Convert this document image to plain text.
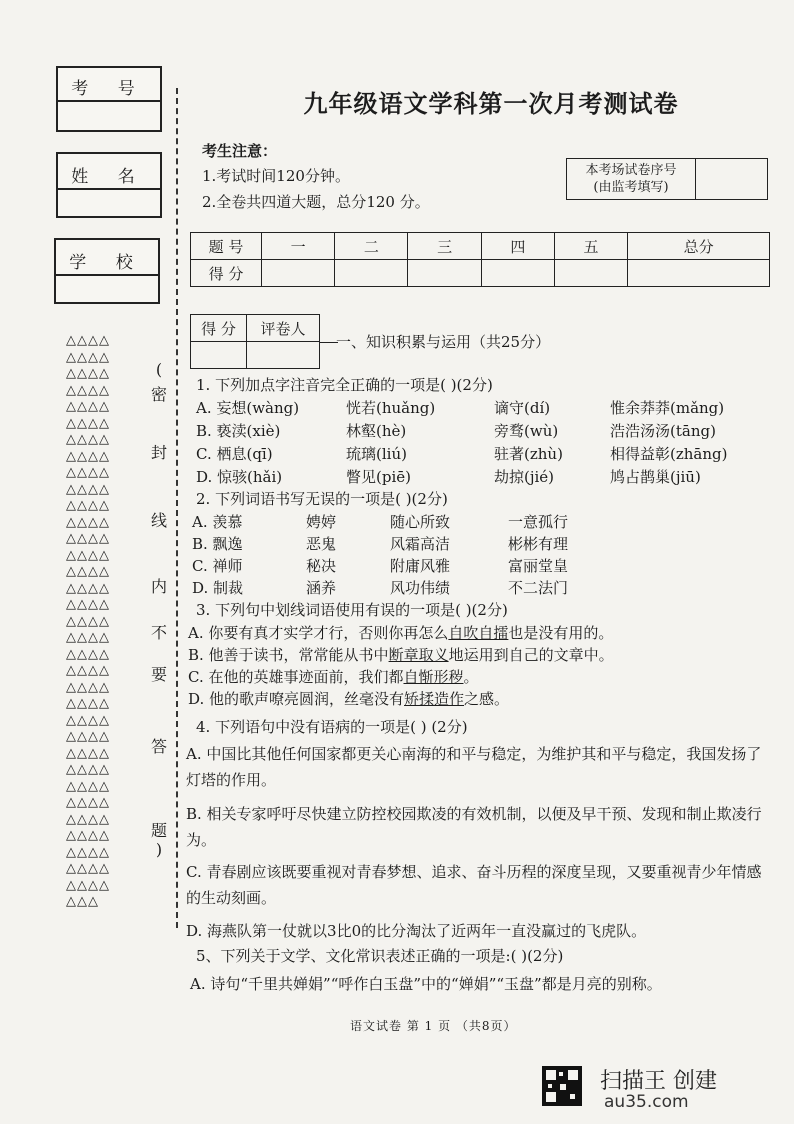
考 号
姓 名
学 校
△△△△
△△△△
△△△△
△△△△
△△△△
△△△△
△△△△
△△△△
△△△△
△△△△
△△△△
△△△△
△△△△
△△△△
△△△△
△△△△
△△△△
△△△△
△△△△
△△△△
△△△△
△△△△
△△△△
△△△△
△△△△
△△△△
△△△△
△△△△
△△△△
△△△△
△△△△
△△△△
△△△△
△△△△
△△△
(
密
封
线
内
不
要
答
题
)
九年级语文学科第一次月考测试卷
考生注意：
1.考试时间120分钟。
2.全卷共四道大题，总分120 分。
本考场试卷序号
(由监考填写)
题 号	一	二	三	四	五	总分
得 分						
得 分	评卷人

一、知识积累与运用（共25分）
1. 下列加点字注音完全正确的一项是( )(2分)
A. 妄想(wàng)	恍若(huǎng)	谪守(dí)	惟余莽莽(mǎng)
B. 亵渎(xiè)	林壑(hè)	旁骛(wù)	浩浩汤汤(tāng)
C. 栖息(qī)	琉璃(liú)	驻著(zhù)	相得益彰(zhāng)
D. 惊骇(hǎi)	瞥见(piē)	劫掠(jié)	鸠占鹊巢(jiū)
2. 下列词语书写无误的一项是( )(2分)
A. 羡慕	娉婷	随心所致	一意孤行
B. 飘逸	恶鬼	风霜高洁	彬彬有理
C. 禅师	秘决	附庸风雅	富丽堂皇
D. 制裁	涵养	风功伟绩	不二法门
3. 下列句中划线词语使用有误的一项是( )(2分)
A. 你要有真才实学才行，否则你再怎么自吹自擂也是没有用的。
B. 他善于读书，常常能从书中断章取义地运用到自己的文章中。
C. 在他的英雄事迹面前，我们都自惭形秽。
D. 他的歌声嘹亮圆润，丝毫没有矫揉造作之感。
4. 下列语句中没有语病的一项是( ) (2分)
A. 中国比其他任何国家都更关心南海的和平与稳定，为维护其和平与稳定，我国发扬了灯塔的作用。
B. 相关专家呼吁尽快建立防控校园欺凌的有效机制，以便及早干预、发现和制止欺凌行为。
C. 青春剧应该既要重视对青春梦想、追求、奋斗历程的深度呈现，又要重视青少年情感的生动刻画。
D. 海燕队第一仗就以3比0的比分淘汰了近两年一直没赢过的飞虎队。
5、下列关于文学、文化常识表述正确的一项是:( )(2分)
A. 诗句“千里共婵娟”“呼作白玉盘”中的“婵娟”“玉盘”都是月亮的别称。
语文试卷 第 1 页 （共8页）
扫描王 创建
au35.com
